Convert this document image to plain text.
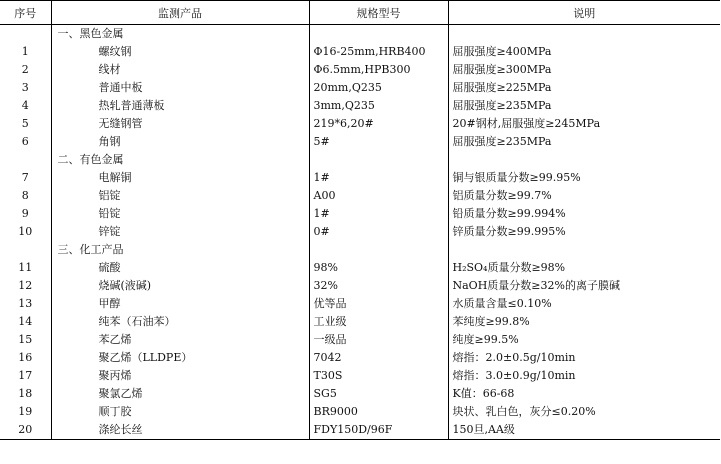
序号	监测产品	规格型号	说明
	一、黑色金属		
1	螺纹钢	Φ16-25mm,HRB400	屈服强度≥400MPa
2	线材	Φ6.5mm,HPB300	屈服强度≥300MPa
3	普通中板	20mm,Q235	屈服强度≥225MPa
4	热轧普通薄板	3mm,Q235	屈服强度≥235MPa
5	无缝钢管	219*6,20#	20#钢材,屈服强度≥245MPa
6	角钢	5#	屈服强度≥235MPa
	二、有色金属		
7	电解铜	1#	铜与银质量分数≥99.95%
8	铝锭	A00	铝质量分数≥99.7%
9	铅锭	1#	铅质量分数≥99.994%
10	锌锭	0#	锌质量分数≥99.995%
	三、化工产品		
11	硫酸	98%	H₂SO₄质量分数≥98%
12	烧碱(液碱)	32%	NaOH质量分数≥32%的离子膜碱
13	甲醇	优等品	水质量含量≤0.10%
14	纯苯（石油苯）	工业级	苯纯度≥99.8%
15	苯乙烯	一级品	纯度≥99.5%
16	聚乙烯（LLDPE）	7042	熔指：2.0±0.5g/10min
17	聚丙烯	T30S	熔指：3.0±0.9g/10min
18	聚氯乙烯	SG5	K值：66-68
19	顺丁胶	BR9000	块状、乳白色，灰分≤0.20%
20	涤纶长丝	FDY150D/96F	150旦,AA级
